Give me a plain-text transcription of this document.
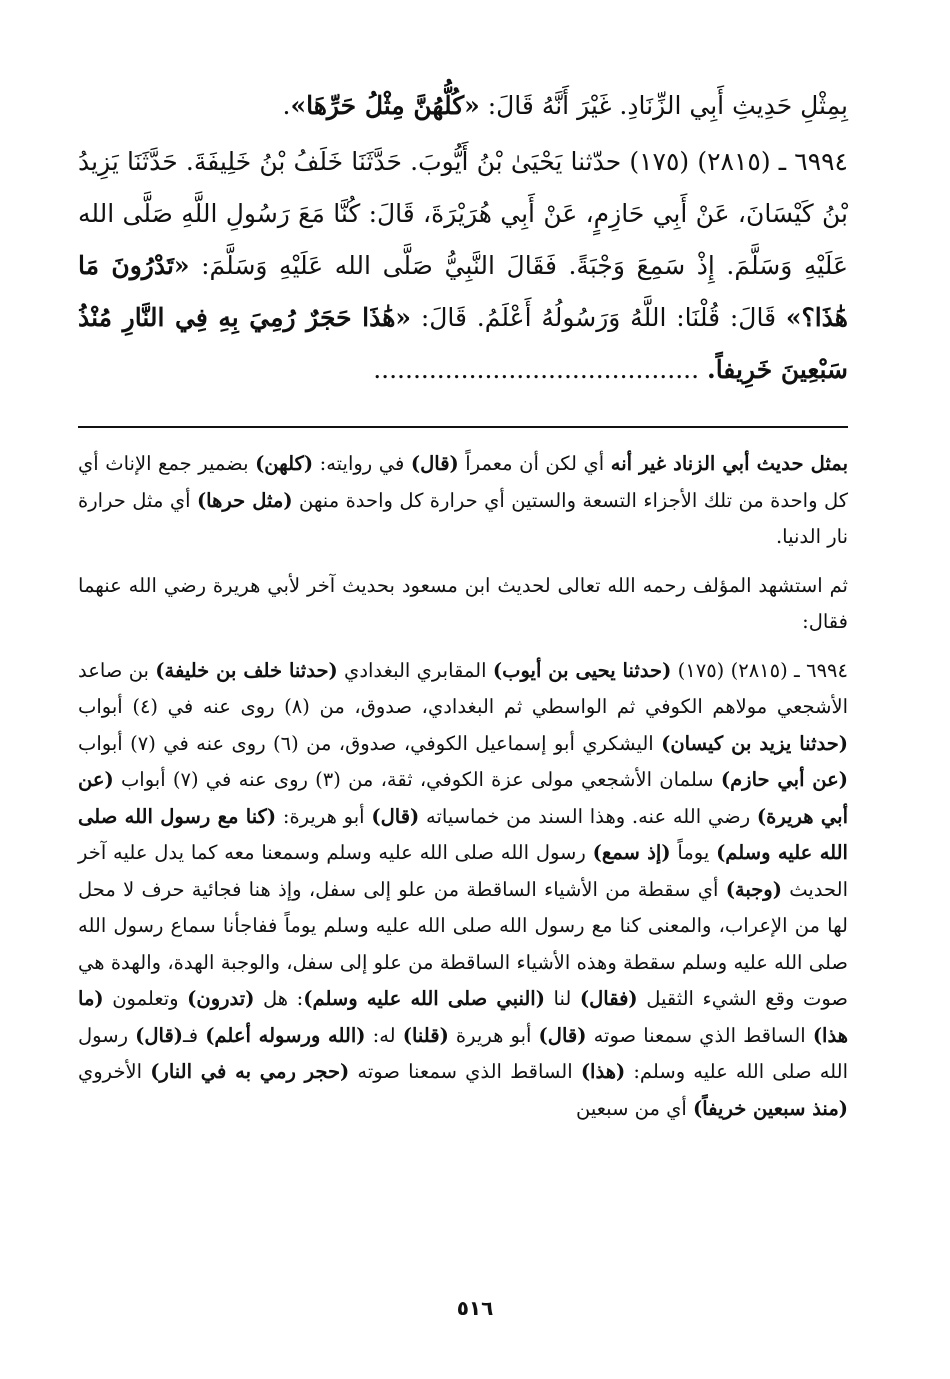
بِمِثْلِ حَدِيثِ أَبِي الزِّنَادِ. غَيْرَ أَنَّهُ قَالَ: «كُلُّهُنَّ مِثْلُ حَرِّهَا».

٦٩٩٤ ـ (٢٨١٥) (١٧٥) حدّثنا يَحْيَىٰ بْنُ أَيُّوبَ. حَدَّثَنَا خَلَفُ بْنُ خَلِيفَةَ. حَدَّثَنَا يَزِيدُ بْنُ كَيْسَانَ، عَنْ أَبِي حَازِمٍ، عَنْ أَبِي هُرَيْرَةَ، قَالَ: كُنَّا مَعَ رَسُولِ اللَّهِ صَلَّى الله عَلَيْهِ وَسَلَّمَ. إِذْ سَمِعَ وَجْبَةً. فَقَالَ النَّبِيُّ صَلَّى الله عَلَيْهِ وَسَلَّمَ: «تَدْرُونَ مَا هَٰذَا؟» قَالَ: قُلْنَا: اللَّهُ وَرَسُولُهُ أَعْلَمُ. قَالَ: «هَٰذَا حَجَرٌ رُمِيَ بِهِ فِي النَّارِ مُنْذُ سَبْعِينَ خَرِيفاً. .........................................

بمثل حديث أبي الزناد غير أنه أي لكن أن معمراً (قال) في روايته: (كلهن) بضمير جمع الإناث أي كل واحدة من تلك الأجزاء التسعة والستين أي حرارة كل واحدة منهن (مثل حرها) أي مثل حرارة نار الدنيا.

ثم استشهد المؤلف رحمه الله تعالى لحديث ابن مسعود بحديث آخر لأبي هريرة رضي الله عنهما فقال:

٦٩٩٤ ـ (٢٨١٥) (١٧٥) (حدثنا يحيى بن أيوب) المقابري البغدادي (حدثنا خلف بن خليفة) بن صاعد الأشجعي مولاهم الكوفي ثم الواسطي ثم البغدادي، صدوق، من (٨) روى عنه في (٤) أبواب (حدثنا يزيد بن كيسان) اليشكري أبو إسماعيل الكوفي، صدوق، من (٦) روى عنه في (٧) أبواب (عن أبي حازم) سلمان الأشجعي مولى عزة الكوفي، ثقة، من (٣) روى عنه في (٧) أبواب (عن أبي هريرة) رضي الله عنه. وهذا السند من خماسياته (قال) أبو هريرة: (كنا مع رسول الله صلى الله عليه وسلم) يوماً (إذ سمع) رسول الله صلى الله عليه وسلم وسمعنا معه كما يدل عليه آخر الحديث (وجبة) أي سقطة من الأشياء الساقطة من علو إلى سفل، وإذ هنا فجائية حرف لا محل لها من الإعراب، والمعنى كنا مع رسول الله صلى الله عليه وسلم يوماً ففاجأنا سماع رسول الله صلى الله عليه وسلم سقطة وهذه الأشياء الساقطة من علو إلى سفل، والوجبة الهدة، والهدة هي صوت وقع الشيء الثقيل (فقال) لنا (النبي صلى الله عليه وسلم): هل (تدرون) وتعلمون (ما هذا) الساقط الذي سمعنا صوته (قال) أبو هريرة (قلنا) له: (الله ورسوله أعلم) فـ(قال) رسول الله صلى الله عليه وسلم: (هذا) الساقط الذي سمعنا صوته (حجر رمي به في النار) الأخروي (منذ سبعين خريفاً) أي من سبعين

٥١٦
